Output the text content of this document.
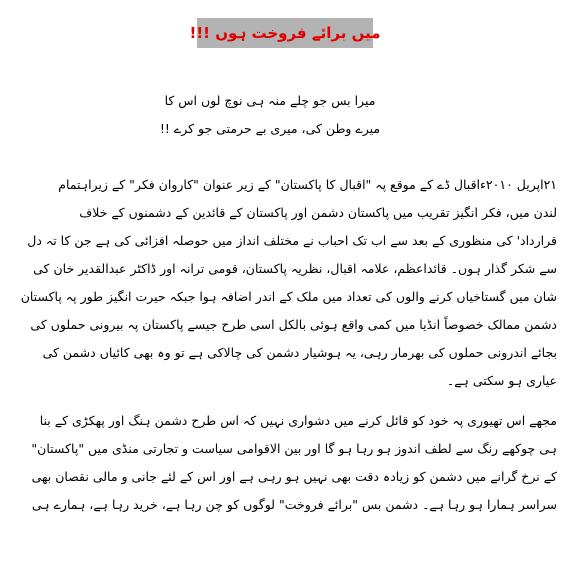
میں برائے فروخت ہوں !!!
میرا بس جو چلے منہ ہی نوچ لوں اس کا
میرے وطن کی، میری بے حرمتی جو کرے !!
۲۱اپریل ۲۰۱۰ءاقبال ڈے کے موقع پہ "اقبال کا پاکستان" کے زیر عنوان "کاروان فکر" کے زیراہتمام
لندن میں، فکر انگیز تقریب میں پاکستان دشمن اور پاکستان کے قائدین کے دشمنوں کے خلاف
قرارداد' کی منظوری کے بعد سے اب تک احباب نے مختلف انداز میں حوصلہ افزائی کی ہے جن کا تہ دل
سے شکر گذار ہوں۔ قائداعظم، علامہ اقبال، نظریہ پاکستان، قومی ترانہ اور ڈاکٹر عبدالقدیر خان کی
شان میں گستاخیاں کرنے والوں کی تعداد میں ملک کے اندر اضافہ ہوا جبکہ حیرت انگیز طور پہ پاکستان
دشمن ممالک خصوصاً انڈیا میں کمی واقع ہوئی بالکل اسی طرح جیسے پاکستان پہ بیرونی حملوں کی
بجائے اندرونی حملوں کی بھرمار رہی، یہ ہوشیار دشمن کی چالاکی ہے تو وہ بھی کائیاں دشمن کی
عیاری ہو سکتی ہے۔
مجھے اس تھیوری پہ خود کو قائل کرنے میں دشواری نہیں کہ اس طرح دشمن ہنگ اور پھکڑی کے بنا
ہی چوکھے رنگ سے لطف اندوز ہو رہا ہو گا اور بین الاقوامی سیاست و تجارتی منڈی میں "پاکستان"
کے نرخ گرانے میں دشمن کو زیادہ دقت بھی نہیں ہو رہی ہے اور اس کے لئے جانی و مالی نقصان بھی
سراسر ہمارا ہو رہا ہے۔ دشمن بس "برائے فروخت" لوگوں کو چن رہا ہے، خرید رہا ہے، ہمارے ہی
